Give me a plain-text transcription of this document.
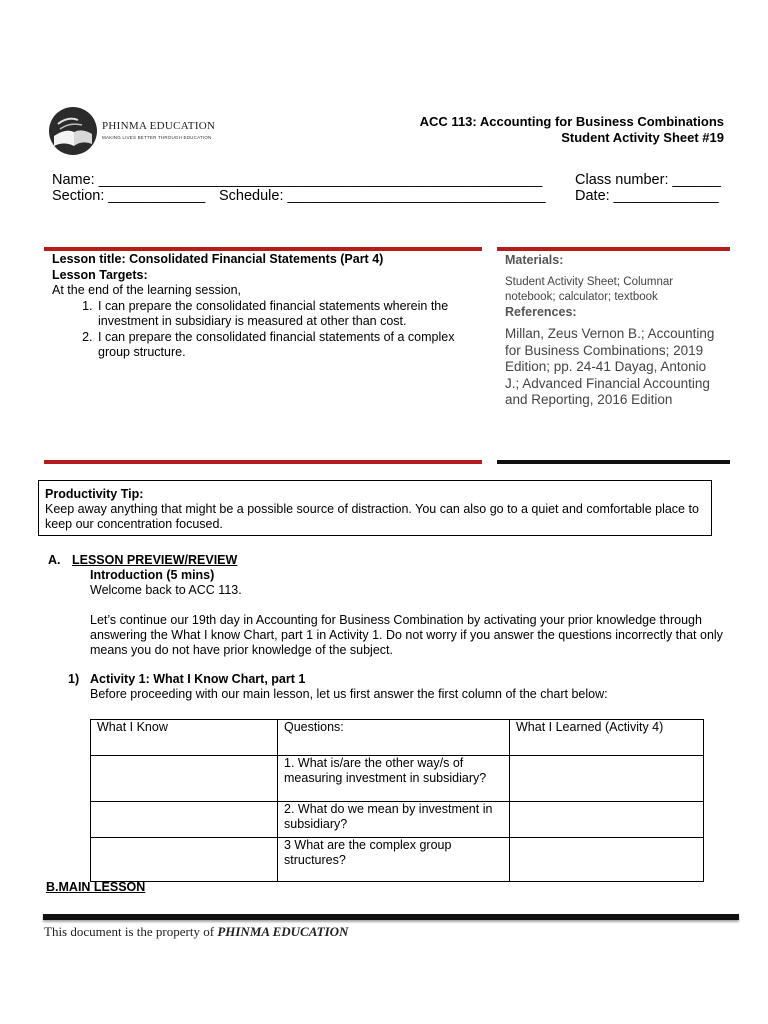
PHINMA EDUCATION
MAKING LIVES BETTER THROUGH EDUCATION
ACC 113: Accounting for Business Combinations
Student Activity Sheet #19
Name: _______________________________________________________ Class number: ______
Section: ____________ Schedule: ________________________________ Date: _____________
Lesson title: Consolidated Financial Statements (Part 4)
Lesson Targets:
At the end of the learning session,
1. I can prepare the consolidated financial statements wherein the investment in subsidiary is measured at other than cost.
2. I can prepare the consolidated financial statements of a complex group structure.
Materials:
Student Activity Sheet; Columnar notebook; calculator; textbook
References:
Millan, Zeus Vernon B.; Accounting for Business Combinations; 2019 Edition; pp. 24-41 Dayag, Antonio J.; Advanced Financial Accounting and Reporting, 2016 Edition
Productivity Tip:
Keep away anything that might be a possible source of distraction. You can also go to a quiet and comfortable place to keep our concentration focused.
A. LESSON PREVIEW/REVIEW
Introduction (5 mins)
Welcome back to ACC 113.
Let’s continue our 19th day in Accounting for Business Combination by activating your prior knowledge through answering the What I know Chart, part 1 in Activity 1. Do not worry if you answer the questions incorrectly that only means you do not have prior knowledge of the subject.
1) Activity 1: What I Know Chart, part 1
Before proceeding with our main lesson, let us first answer the first column of the chart below:
What I Know	Questions:	What I Learned (Activity 4)
	1. What is/are the other way/s of measuring investment in subsidiary?	
	2. What do we mean by investment in subsidiary?	
	3 What are the complex group structures?	
B.MAIN LESSON
This document is the property of PHINMA EDUCATION
